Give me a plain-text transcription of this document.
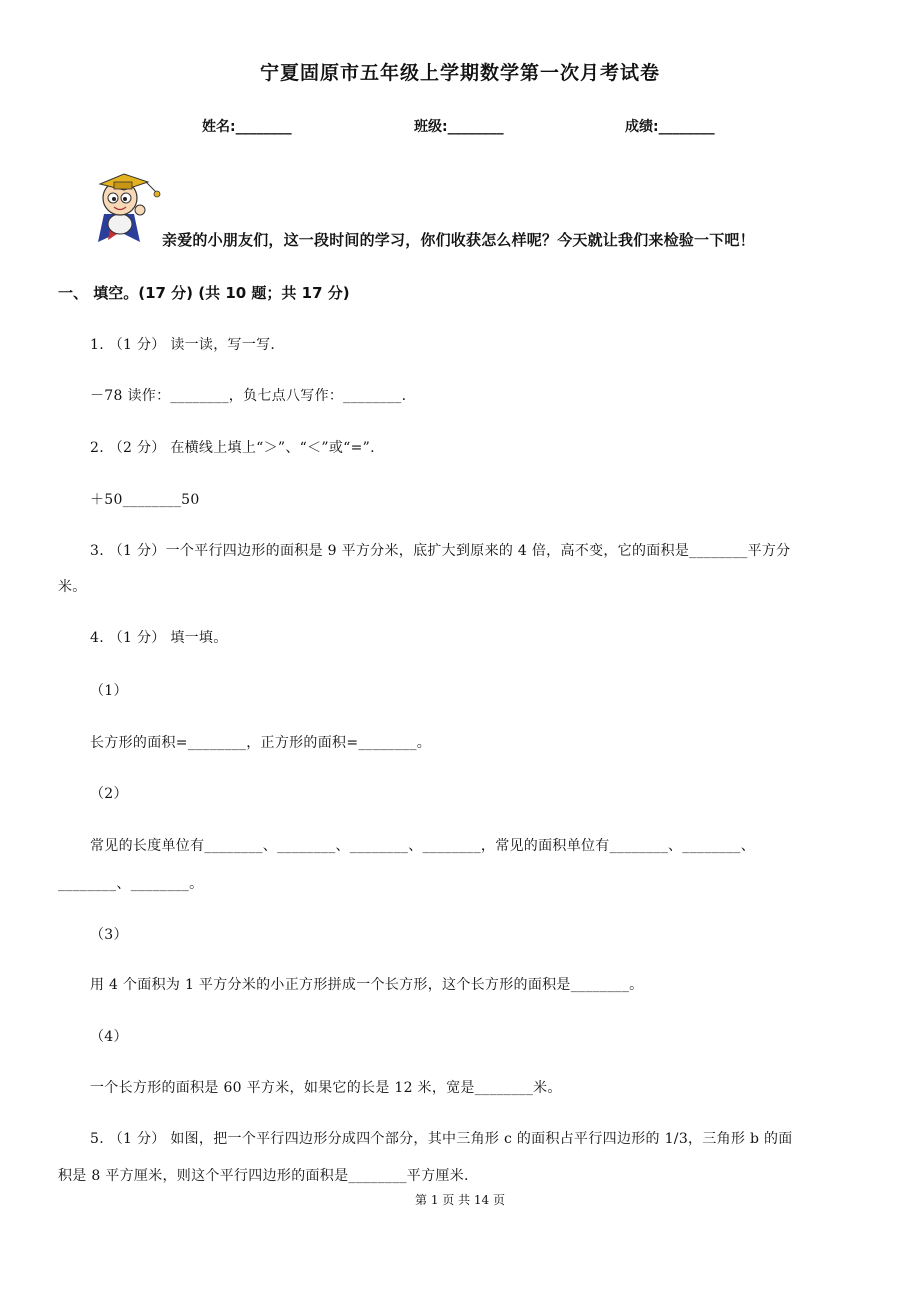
宁夏固原市五年级上学期数学第一次月考试卷
姓名:________	班级:________	成绩:________
亲爱的小朋友们，这一段时间的学习，你们收获怎么样呢？今天就让我们来检验一下吧！
一、 填空。(17 分) (共 10 题；共 17 分)
1. （1 分） 读一读，写一写.
－78 读作：________，负七点八写作：________.
2. （2 分） 在横线上填上“＞”、“＜”或“=”.
＋50________50
3. （1 分）一个平行四边形的面积是 9 平方分米，底扩大到原来的 4 倍，高不变，它的面积是________平方分
米。
4. （1 分） 填一填。
（1）
长方形的面积=________，正方形的面积=________。
（2）
常见的长度单位有________、________、________、________，常见的面积单位有________、________、
________、________。
（3）
用 4 个面积为 1 平方分米的小正方形拼成一个长方形，这个长方形的面积是________。
（4）
一个长方形的面积是 60 平方米，如果它的长是 12 米，宽是________米。
5. （1 分） 如图，把一个平行四边形分成四个部分，其中三角形 c 的面积占平行四边形的 1/3，三角形 b 的面
积是 8 平方厘米，则这个平行四边形的面积是________平方厘米.
第 1 页 共 14 页
